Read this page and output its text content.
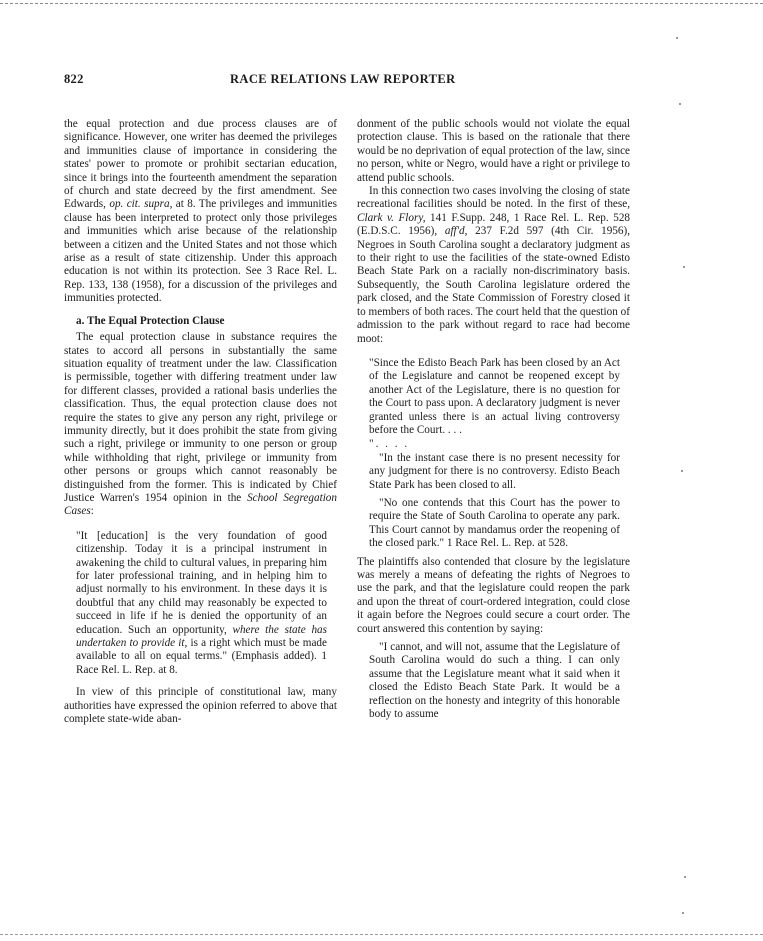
822	RACE RELATIONS LAW REPORTER

the equal protection and due process clauses are of significance. However, one writer has deemed the privileges and immunities clause of importance in considering the states' power to promote or prohibit sectarian education, since it brings into the fourteenth amendment the separation of church and state decreed by the first amendment. See Edwards, op. cit. supra, at 8. The privileges and immunities clause has been interpreted to protect only those privileges and immunities which arise because of the relationship between a citizen and the United States and not those which arise as a result of state citizenship. Under this approach education is not within its protection. See 3 Race Rel. L. Rep. 133, 138 (1958), for a discussion of the privileges and immunities protected.

a. The Equal Protection Clause

The equal protection clause in substance requires the states to accord all persons in substantially the same situation equality of treatment under the law. Classification is permissible, together with differing treatment under law for different classes, provided a rational basis underlies the classification. Thus, the equal protection clause does not require the states to give any person any right, privilege or immunity directly, but it does prohibit the state from giving such a right, privilege or immunity to one person or group while withholding that right, privilege or immunity from other persons or groups which cannot reasonably be distinguished from the former. This is indicated by Chief Justice Warren's 1954 opinion in the School Segregation Cases:

"It [education] is the very foundation of good citizenship. Today it is a principal instrument in awakening the child to cultural values, in preparing him for later professional training, and in helping him to adjust normally to his environment. In these days it is doubtful that any child may reasonably be expected to succeed in life if he is denied the opportunity of an education. Such an opportunity, where the state has undertaken to provide it, is a right which must be made available to all on equal terms." (Emphasis added). 1 Race Rel. L. Rep. at 8.

In view of this principle of constitutional law, many authorities have expressed the opinion referred to above that complete state-wide aban-

donment of the public schools would not violate the equal protection clause. This is based on the rationale that there would be no deprivation of equal protection of the law, since no person, white or Negro, would have a right or privilege to attend public schools.

In this connection two cases involving the closing of state recreational facilities should be noted. In the first of these, Clark v. Flory, 141 F.Supp. 248, 1 Race Rel. L. Rep. 528 (E.D.S.C. 1956), aff'd, 237 F.2d 597 (4th Cir. 1956), Negroes in South Carolina sought a declaratory judgment as to their right to use the facilities of the state-owned Edisto Beach State Park on a racially non-discriminatory basis. Subsequently, the South Carolina legislature ordered the park closed, and the State Commission of Forestry closed it to members of both races. The court held that the question of admission to the park without regard to race had become moot:

"Since the Edisto Beach Park has been closed by an Act of the Legislature and cannot be reopened except by another Act of the Legislature, there is no question for the Court to pass upon. A declaratory judgment is never granted unless there is an actual living controversy before the Court. . . .

". . . .

"In the instant case there is no present necessity for any judgment for there is no controversy. Edisto Beach State Park has been closed to all.

"No one contends that this Court has the power to require the State of South Carolina to operate any park. This Court cannot by mandamus order the reopening of the closed park." 1 Race Rel. L. Rep. at 528.

The plaintiffs also contended that closure by the legislature was merely a means of defeating the rights of Negroes to use the park, and that the legislature could reopen the park and upon the threat of court-ordered integration, could close it again before the Negroes could secure a court order. The court answered this contention by saying:

"I cannot, and will not, assume that the Legislature of South Carolina would do such a thing. I can only assume that the Legislature meant what it said when it closed the Edisto Beach State Park. It would be a reflection on the honesty and integrity of this honorable body to assume
